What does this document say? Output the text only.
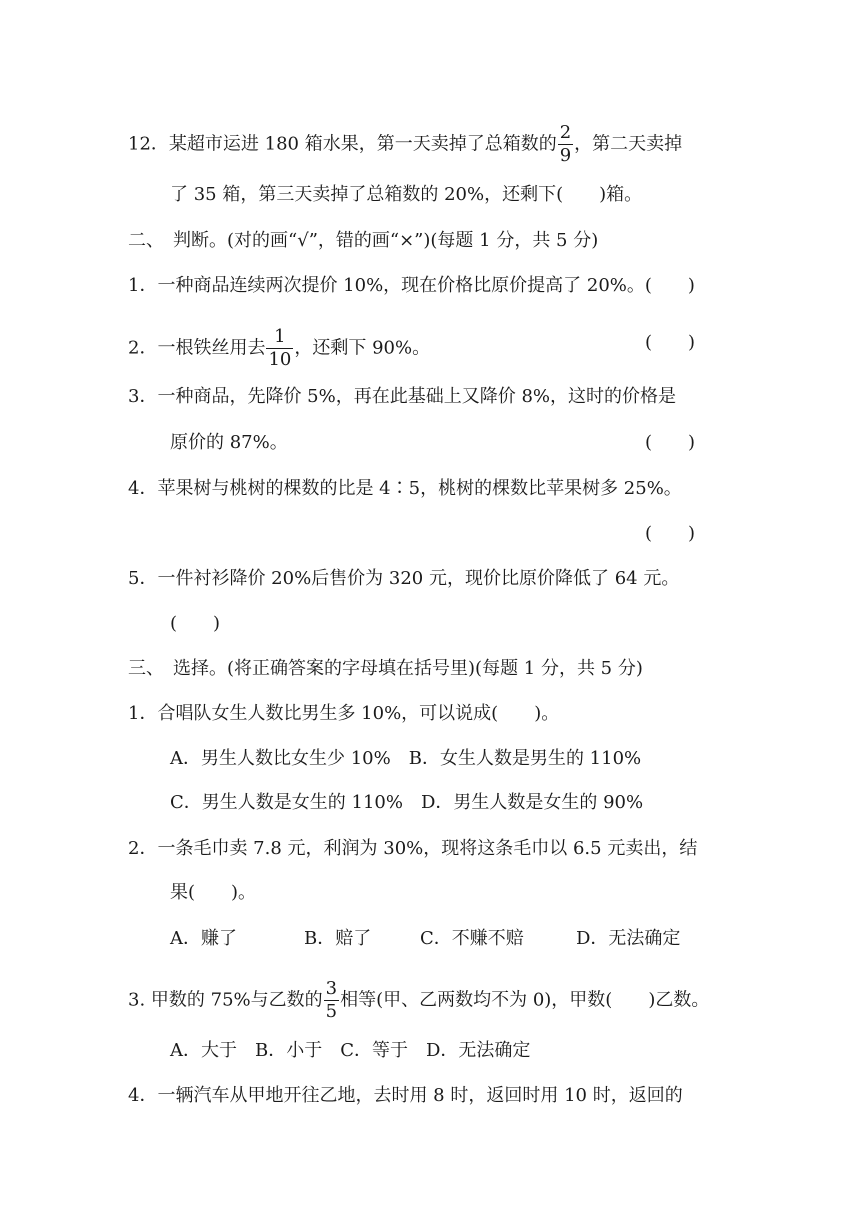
12．某超市运进 180 箱水果，第一天卖掉了总箱数的 $\frac{2}{9}$ ，第二天卖掉
了 35 箱，第三天卖掉了总箱数的 20%，还剩下(　　)箱。
二、　判断。(对的画“√”，错的画“×”)(每题 1 分，共 5 分)
1．一种商品连续两次提价 10%，现在价格比原价提高了 20%。(　　)
2．一根铁丝用去 $\frac{1}{10}$ ，还剩下 90%。	(　　)
3．一种商品，先降价 5%，再在此基础上又降价 8%，这时的价格是
原价的 87%。	(　　)
4．苹果树与桃树的棵数的比是 4∶5，桃树的棵数比苹果树多 25%。
(　　)
5．一件衬衫降价 20%后售价为 320 元，现价比原价降低了 64 元。
(　　)
三、　选择。(将正确答案的字母填在括号里)(每题 1 分，共 5 分)
1．合唱队女生人数比男生多 10%，可以说成(　　)。
A．男生人数比女生少 10%　B．女生人数是男生的 110%
C．男生人数是女生的 110%　D．男生人数是女生的 90%
2．一条毛巾卖 7.8 元，利润为 30%，现将这条毛巾以 6.5 元卖出，结
果(　　)。
A．赚了	B．赔了	C．不赚不赔	D．无法确定
3. 甲数的 75%与乙数的 $\frac{3}{5}$ 相等(甲、乙两数均不为 0)，甲数(　　)乙数。
A．大于　B．小于　C．等于　D．无法确定
4．一辆汽车从甲地开往乙地，去时用 8 时，返回时用 10 时，返回的
